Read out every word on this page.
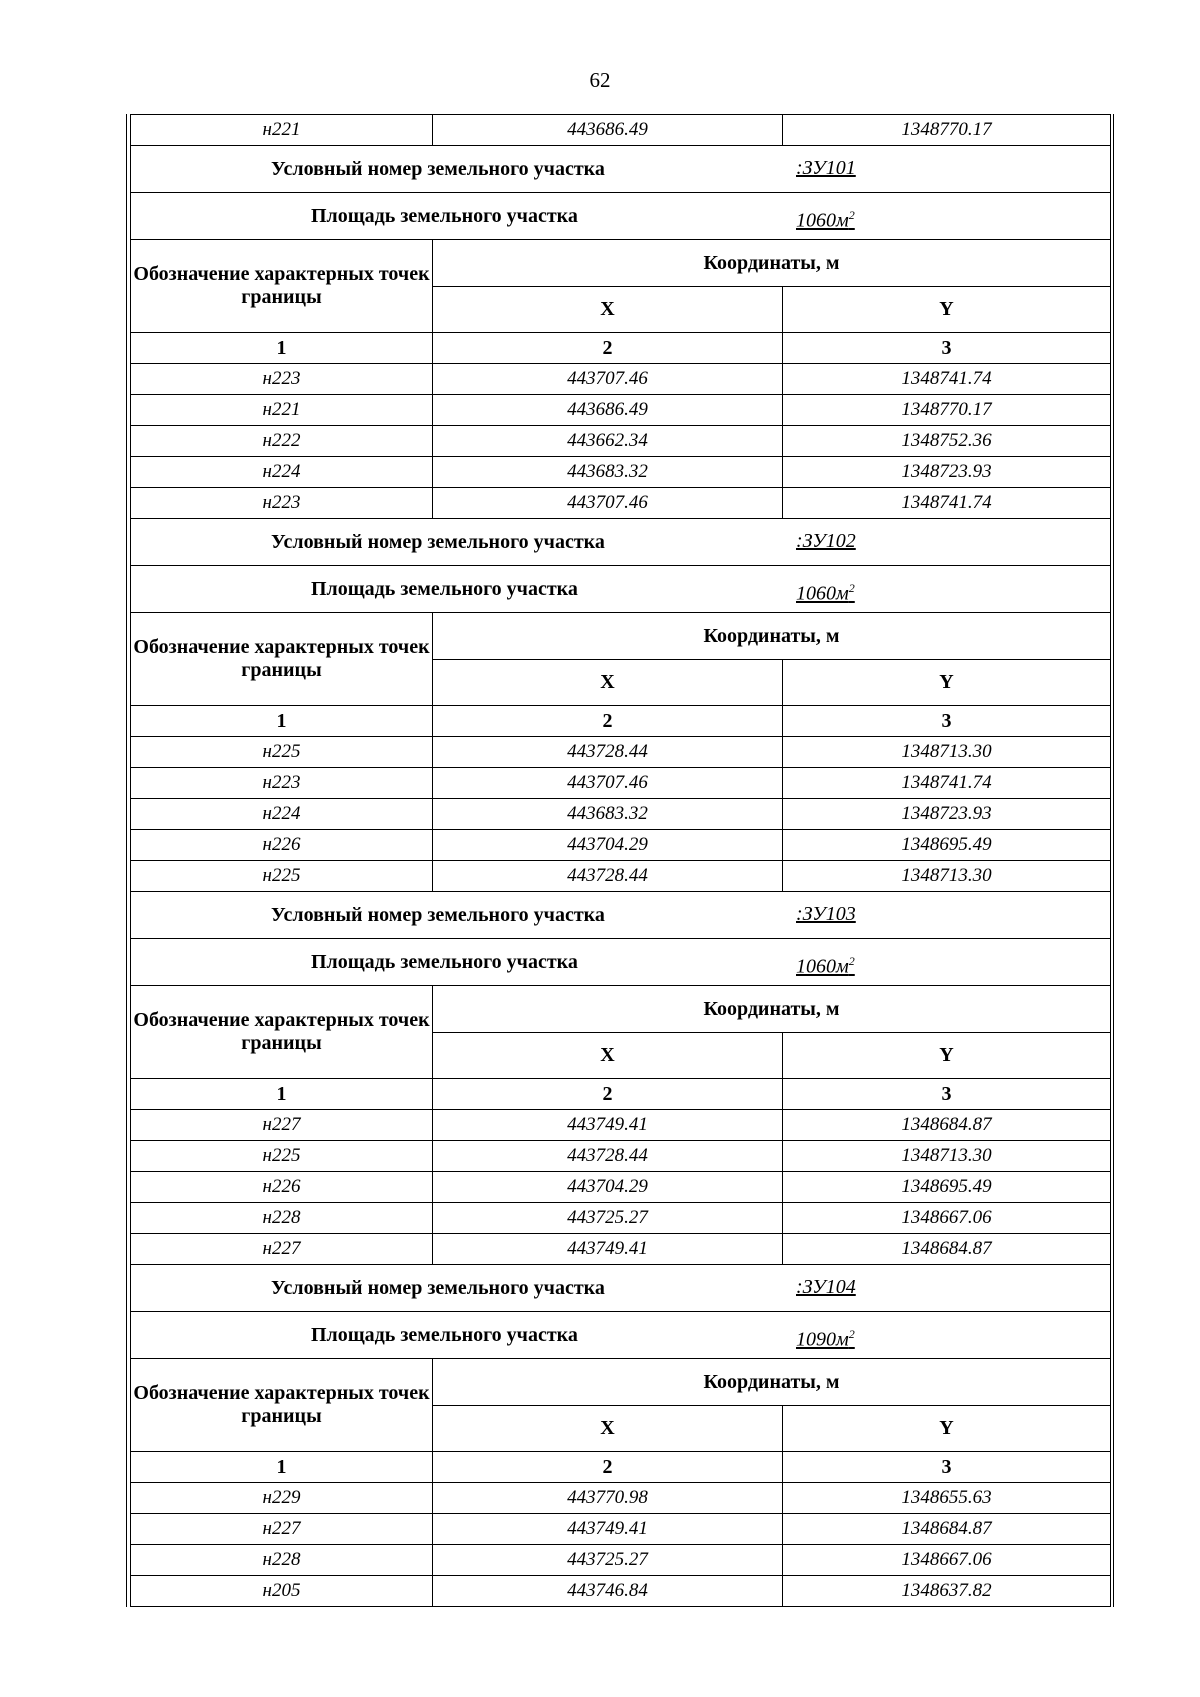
62
н221	443686.49	1348770.17

Условный номер земельного участка :ЗУ101		

Площадь земельного участка $1060м^2$

Обозначение характерных точек границы	Координаты, м	
	X	Y
1	2	3
н223	443707.46	1348741.74
н221	443686.49	1348770.17
н222	443662.34	1348752.36
н224	443683.32	1348723.93
н223	443707.46	1348741.74

Условный номер земельного участка :ЗУ102		

Площадь земельного участка $1060м^2$

Обозначение характерных точек границы	Координаты, м	
	X	Y
1	2	3
н225	443728.44	1348713.30
н223	443707.46	1348741.74
н224	443683.32	1348723.93
н226	443704.29	1348695.49
н225	443728.44	1348713.30

Условный номер земельного участка :ЗУ103		

Площадь земельного участка $1060м^2$

Обозначение характерных точек границы	Координаты, м	
	X	Y
1	2	3
н227	443749.41	1348684.87
н225	443728.44	1348713.30
н226	443704.29	1348695.49
н228	443725.27	1348667.06
н227	443749.41	1348684.87

Условный номер земельного участка :ЗУ104		

Площадь земельного участка $1090м^2$

Обозначение характерных точек границы	Координаты, м	
	X	Y
1	2	3
н229	443770.98	1348655.63
н227	443749.41	1348684.87
н228	443725.27	1348667.06
н205	443746.84	1348637.82
